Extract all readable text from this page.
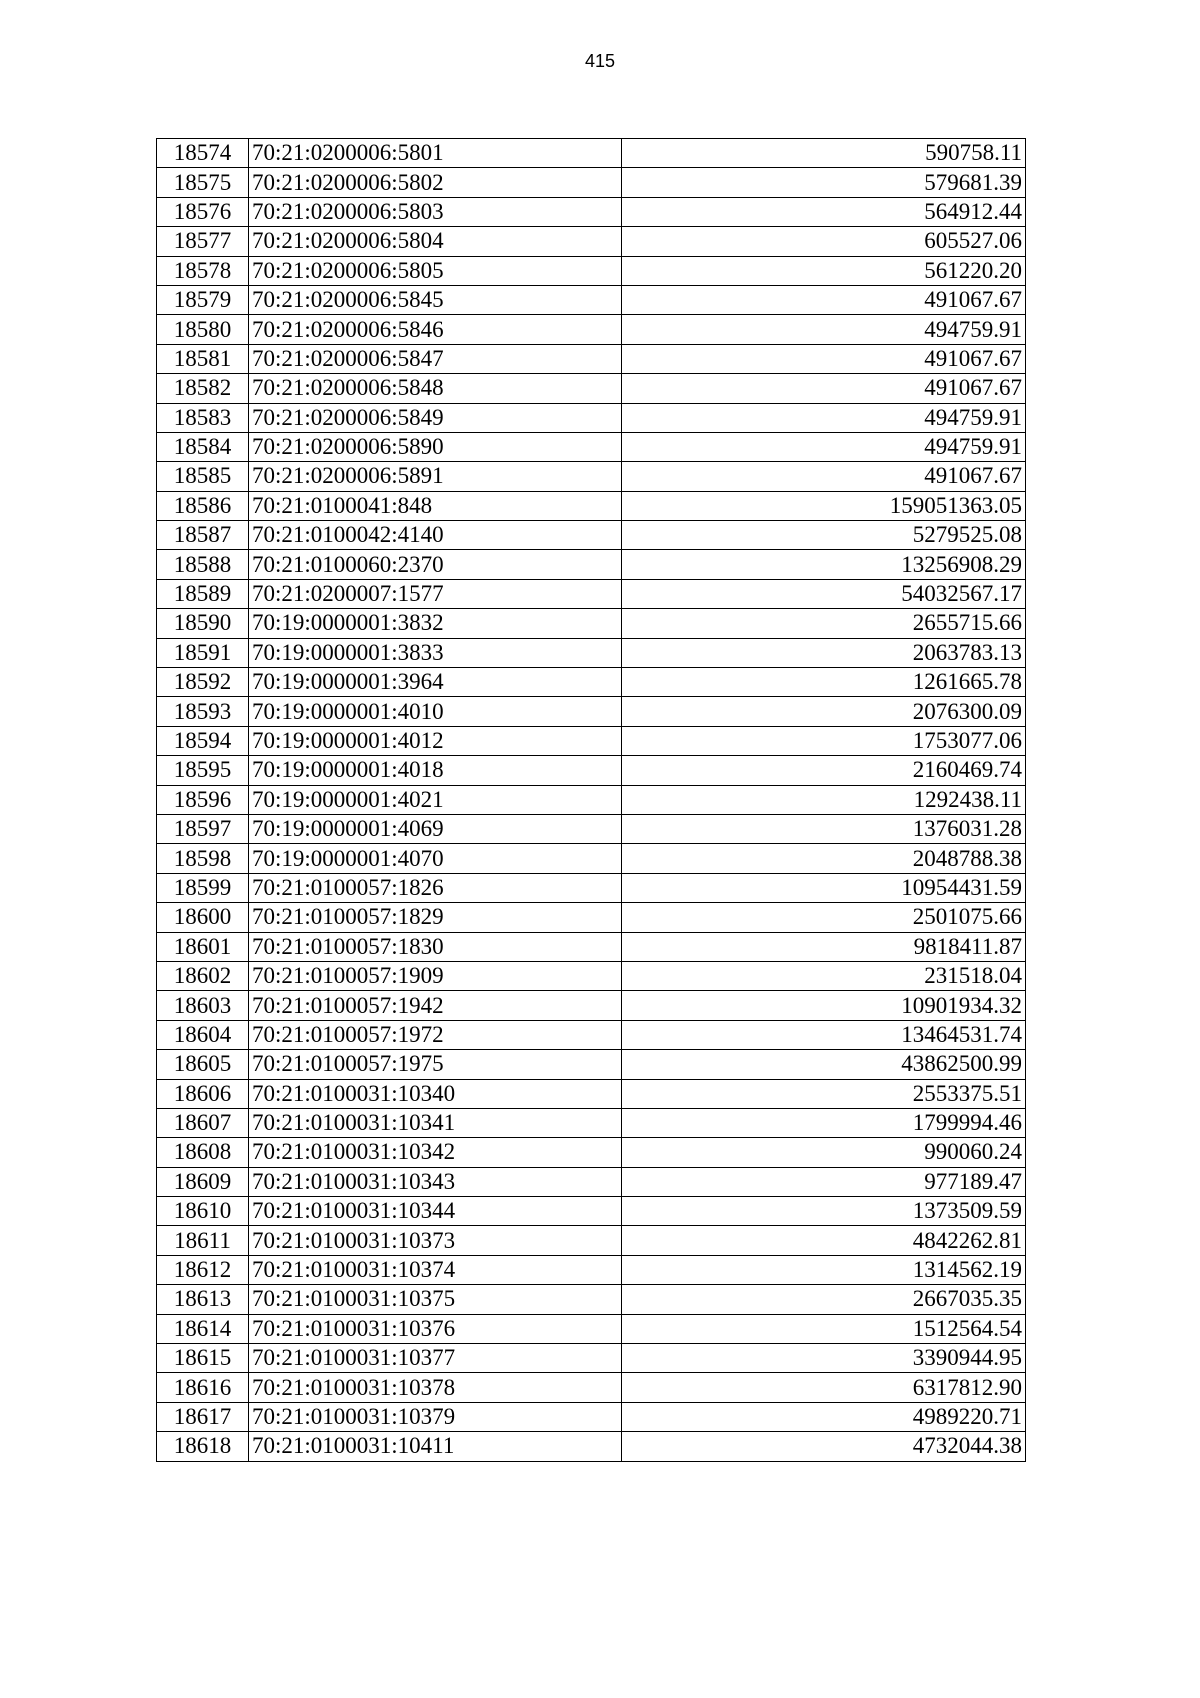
415
18574	70:21:0200006:5801	590758.11
18575	70:21:0200006:5802	579681.39
18576	70:21:0200006:5803	564912.44
18577	70:21:0200006:5804	605527.06
18578	70:21:0200006:5805	561220.20
18579	70:21:0200006:5845	491067.67
18580	70:21:0200006:5846	494759.91
18581	70:21:0200006:5847	491067.67
18582	70:21:0200006:5848	491067.67
18583	70:21:0200006:5849	494759.91
18584	70:21:0200006:5890	494759.91
18585	70:21:0200006:5891	491067.67
18586	70:21:0100041:848	159051363.05
18587	70:21:0100042:4140	5279525.08
18588	70:21:0100060:2370	13256908.29
18589	70:21:0200007:1577	54032567.17
18590	70:19:0000001:3832	2655715.66
18591	70:19:0000001:3833	2063783.13
18592	70:19:0000001:3964	1261665.78
18593	70:19:0000001:4010	2076300.09
18594	70:19:0000001:4012	1753077.06
18595	70:19:0000001:4018	2160469.74
18596	70:19:0000001:4021	1292438.11
18597	70:19:0000001:4069	1376031.28
18598	70:19:0000001:4070	2048788.38
18599	70:21:0100057:1826	10954431.59
18600	70:21:0100057:1829	2501075.66
18601	70:21:0100057:1830	9818411.87
18602	70:21:0100057:1909	231518.04
18603	70:21:0100057:1942	10901934.32
18604	70:21:0100057:1972	13464531.74
18605	70:21:0100057:1975	43862500.99
18606	70:21:0100031:10340	2553375.51
18607	70:21:0100031:10341	1799994.46
18608	70:21:0100031:10342	990060.24
18609	70:21:0100031:10343	977189.47
18610	70:21:0100031:10344	1373509.59
18611	70:21:0100031:10373	4842262.81
18612	70:21:0100031:10374	1314562.19
18613	70:21:0100031:10375	2667035.35
18614	70:21:0100031:10376	1512564.54
18615	70:21:0100031:10377	3390944.95
18616	70:21:0100031:10378	6317812.90
18617	70:21:0100031:10379	4989220.71
18618	70:21:0100031:10411	4732044.38
